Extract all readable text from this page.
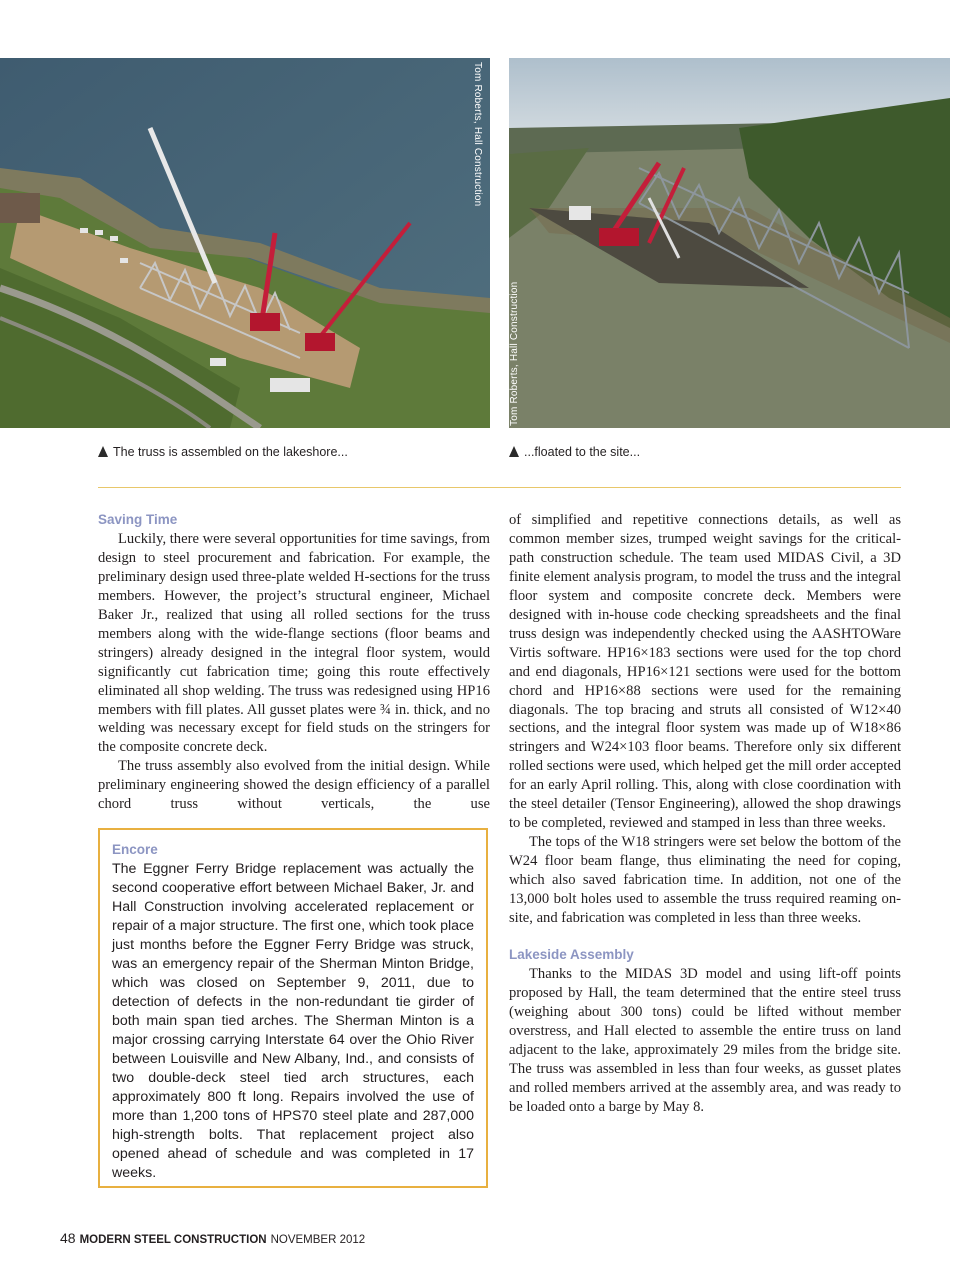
Tom Roberts, Hall Construction
Tom Roberts, Hall Construction
The truss is assembled on the lakeshore...	...floated to the site...
Saving Time

Luckily, there were several opportunities for time savings, from design to steel procurement and fabrication. For example, the preliminary design used three-plate welded H-sections for the truss members. However, the project’s structural engineer, Michael Baker Jr., realized that using all rolled sections for the truss members along with the wide-flange sections (floor beams and stringers) already designed in the integral floor system, would significantly cut fabrication time; going this route effectively eliminated all shop welding. The truss was redesigned using HP16 members with fill plates. All gusset plates were ¾ in. thick, and no welding was necessary except for field studs on the stringers for the composite concrete deck.

The truss assembly also evolved from the initial design. While preliminary engineering showed the design efficiency of a parallel chord truss without verticals, the use

Encore

The Eggner Ferry Bridge replacement was actually the second cooperative effort between Michael Baker, Jr. and Hall Construction involving accelerated replacement or repair of a major structure. The first one, which took place just months before the Eggner Ferry Bridge was struck, was an emergency repair of the Sherman Minton Bridge, which was closed on September 9, 2011, due to detection of defects in the non-redundant tie girder of both main span tied arches. The Sherman Minton is a major crossing carrying Interstate 64 over the Ohio River between Louisville and New Albany, Ind., and consists of two double-deck steel tied arch structures, each approximately 800 ft long. Repairs involved the use of more than 1,200 tons of HPS70 steel plate and 287,000 high-strength bolts. That replacement project also opened ahead of schedule and was completed in 17 weeks.

of simplified and repetitive connections details, as well as common member sizes, trumped weight savings for the critical-path construction schedule. The team used MIDAS Civil, a 3D finite element analysis program, to model the truss and the integral floor system and composite concrete deck. Members were designed with in-house code checking spreadsheets and the final truss design was independently checked using the AASHTOWare Virtis software. HP16×183 sections were used for the top chord and end diagonals, HP16×121 sections were used for the bottom chord and HP16×88 sections were used for the remaining diagonals. The top bracing and struts all consisted of W12×40 sections, and the integral floor system was made up of W18×86 stringers and W24×103 floor beams. Therefore only six different rolled sections were used, which helped get the mill order accepted for an early April rolling. This, along with close coordination with the steel detailer (Tensor Engineering), allowed the shop drawings to be completed, reviewed and stamped in less than three weeks.

The tops of the W18 stringers were set below the bottom of the W24 floor beam flange, thus eliminating the need for coping, which also saved fabrication time. In addition, not one of the 13,000 bolt holes used to assemble the truss required reaming on-site, and fabrication was completed in less than three weeks.

Lakeside Assembly

Thanks to the MIDAS 3D model and using lift-off points proposed by Hall, the team determined that the entire steel truss (weighing about 300 tons) could be lifted without member overstress, and Hall elected to assemble the entire truss on land adjacent to the lake, approximately 29 miles from the bridge site. The truss was assembled in less than four weeks, as gusset plates and rolled members arrived at the assembly area, and was ready to be loaded onto a barge by May 8.

48 MODERN STEEL CONSTRUCTION NOVEMBER 2012
